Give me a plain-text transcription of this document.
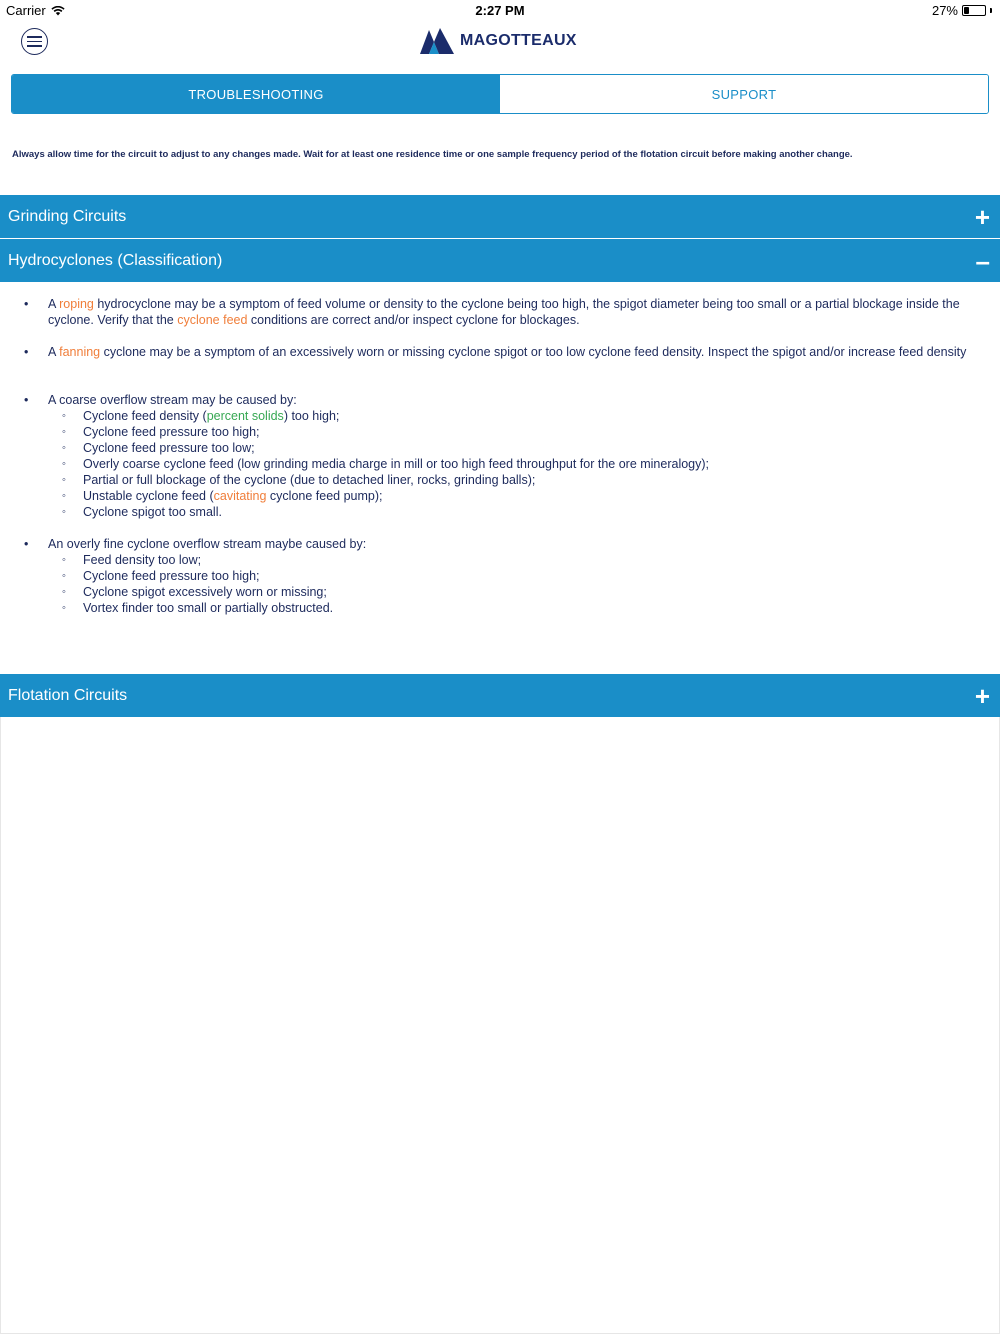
Carrier	2:27 PM	27%
MAGOTTEAUX
TROUBLESHOOTING	SUPPORT
Always allow time for the circuit to adjust to any changes made. Wait for at least one residence time or one sample frequency period of the flotation circuit before making another change.
Grinding Circuits	+
Hydrocyclones (Classification)	–
• A roping hydrocyclone may be a symptom of feed volume or density to the cyclone being too high, the spigot diameter being too small or a partial blockage inside the cyclone. Verify that the cyclone feed conditions are correct and/or inspect cyclone for blockages.
• A fanning cyclone may be a symptom of an excessively worn or missing cyclone spigot or too low cyclone feed density. Inspect the spigot and/or increase feed density
• A coarse overflow stream may be caused by:
◦ Cyclone feed density (percent solids) too high;
◦ Cyclone feed pressure too high;
◦ Cyclone feed pressure too low;
◦ Overly coarse cyclone feed (low grinding media charge in mill or too high feed throughput for the ore mineralogy);
◦ Partial or full blockage of the cyclone (due to detached liner, rocks, grinding balls);
◦ Unstable cyclone feed (cavitating cyclone feed pump);
◦ Cyclone spigot too small.
• An overly fine cyclone overflow stream maybe caused by:
◦ Feed density too low;
◦ Cyclone feed pressure too high;
◦ Cyclone spigot excessively worn or missing;
◦ Vortex finder too small or partially obstructed.
Flotation Circuits	+
